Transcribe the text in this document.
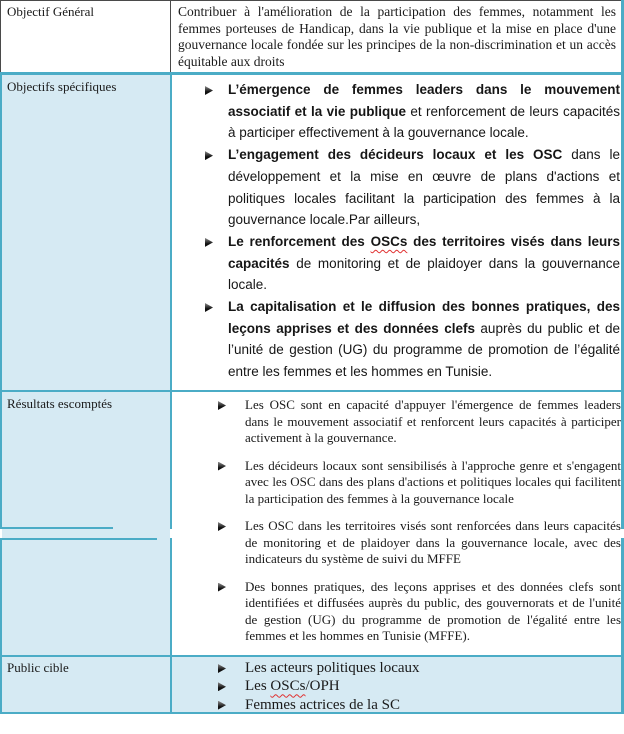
Objectif Général	Contribuer à l'amélioration de la participation des femmes, notamment les femmes porteuses de Handicap, dans la vie publique et la mise en place d'une gouvernance locale fondée sur les principes de la non-discrimination et un accès équitable aux droits
Objectifs spécifiques	L’émergence de femmes leaders dans le mouvement associatif et la vie publique et renforcement de leurs capacités à participer effectivement à la gouvernance locale.
L’engagement des décideurs locaux et les OSC dans le développement et la mise en œuvre de plans d'actions et politiques locales facilitant la participation des femmes à la gouvernance locale.Par ailleurs,
Le renforcement des OSCs des territoires visés dans leurs capacités de monitoring et de plaidoyer dans la gouvernance locale.
La capitalisation et le diffusion des bonnes pratiques, des leçons apprises et des données clefs auprès du public et de l’unité de gestion (UG) du programme de promotion de l’égalité entre les femmes et les hommes en Tunisie.
Résultats escomptés	Les OSC sont en capacité d'appuyer l'émergence de femmes leaders dans le mouvement associatif et renforcent leurs capacités à participer activement à la gouvernance.
Les décideurs locaux sont sensibilisés à l'approche genre et s'engagent avec les OSC dans des plans d'actions et politiques locales qui facilitent la participation des femmes à la gouvernance locale
Les OSC dans les territoires visés sont renforcées dans leurs capacités de monitoring et de plaidoyer dans la gouvernance locale, avec des indicateurs du système de suivi du MFFE
Des bonnes pratiques, des leçons apprises et des données clefs sont identifiées et diffusées auprès du public, des gouvernorats et de l'unité de gestion (UG) du programme de promotion de l'égalité entre les femmes et les hommes en Tunisie (MFFE).
Public cible	Les acteurs politiques locaux
Les OSCs/OPH
Femmes actrices de la SC
